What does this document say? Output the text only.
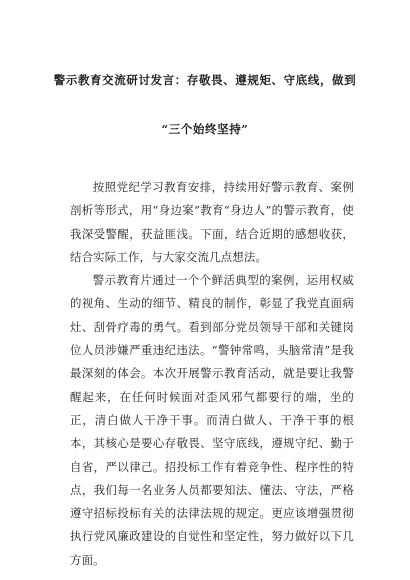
警示教育交流研讨发言：存敬畏、遵规矩、守底线，做到
“三个始终坚持”

按照党纪学习教育安排，持续用好警示教育、案例剖析等形式，用“身边案”教育“身边人”的警示教育，使我深受警醒，获益匪浅。下面，结合近期的感想收获，结合实际工作，与大家交流几点想法。

警示教育片通过一个个鲜活典型的案例，运用权威的视角、生动的细节、精良的制作，彰显了我党直面病灶、刮骨疗毒的勇气。看到部分党员领导干部和关键岗位人员涉嫌严重违纪违法。“警钟常鸣，头脑常清”是我最深刻的体会。本次开展警示教育活动，就是要让我警醒起来，在任何时候面对歪风邪气都要行的端，坐的正，清白做人干净干事。而清白做人、干净干事的根本，其核心是要心存敬畏、坚守底线，遵规守纪、勤于自省，严以律己。招投标工作有着竞争性、程序性的特点，我们每一名业务人员都要知法、懂法、守法，严格遵守招标投标有关的法律法规的规定。更应该增强贯彻执行党风廉政建设的自觉性和坚定性，努力做好以下几方面。
